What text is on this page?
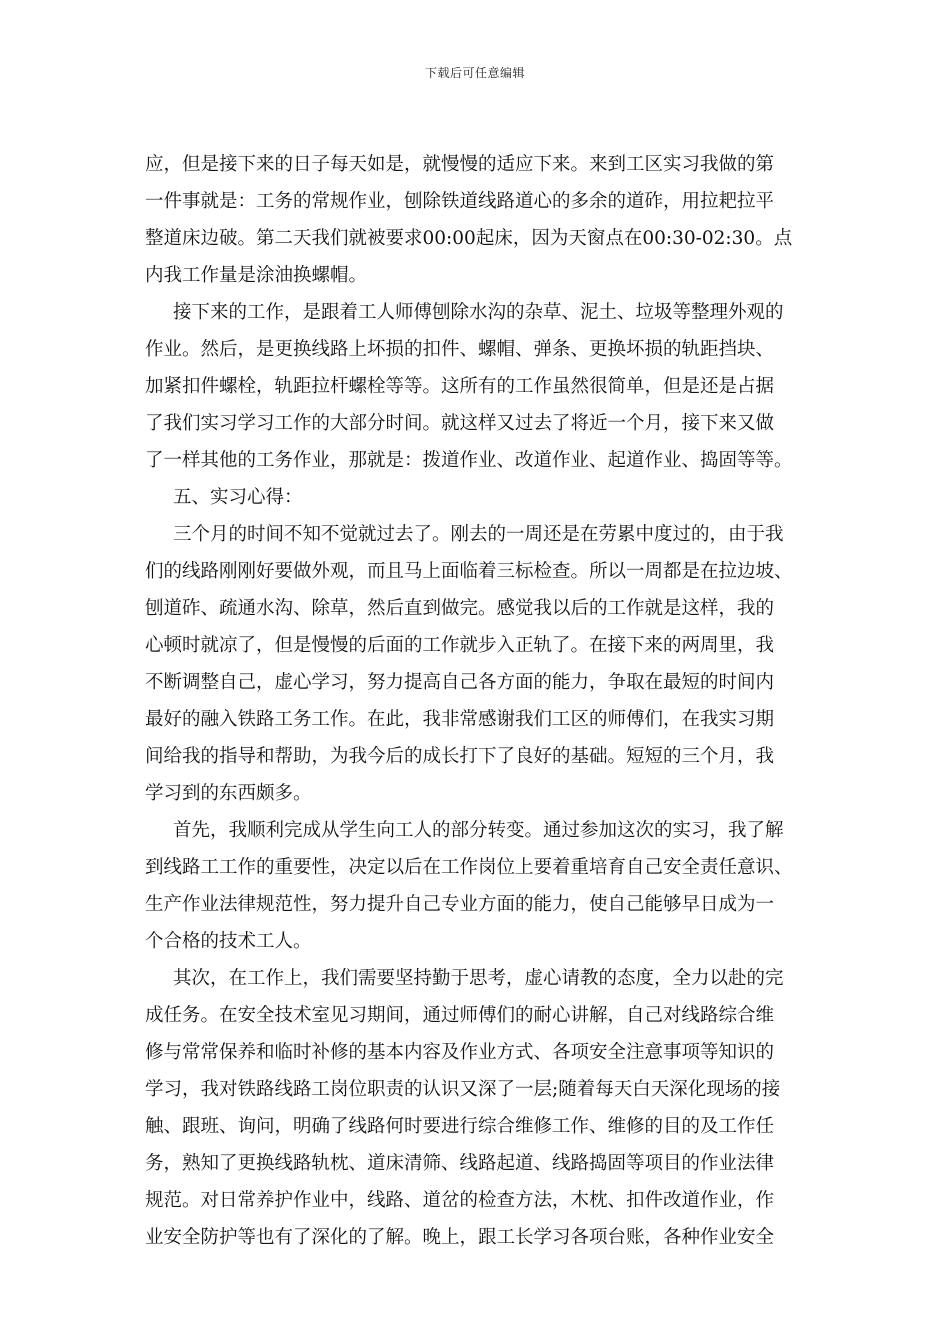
下载后可任意编辑
应，但是接下来的日子每天如是，就慢慢的适应下来。来到工区实习我做的第
一件事就是：工务的常规作业，刨除铁道线路道心的多余的道砟，用拉耙拉平
整道床边破。第二天我们就被要求00:00起床，因为天窗点在00:30-02:30。点
内我工作量是涂油换螺帽。
接下来的工作，是跟着工人师傅刨除水沟的杂草、泥土、垃圾等整理外观的
作业。然后，是更换线路上坏损的扣件、螺帽、弹条、更换坏损的轨距挡块、
加紧扣件螺栓，轨距拉杆螺栓等等。这所有的工作虽然很简单，但是还是占据
了我们实习学习工作的大部分时间。就这样又过去了将近一个月，接下来又做
了一样其他的工务作业，那就是：拨道作业、改道作业、起道作业、捣固等等。
五、实习心得：
三个月的时间不知不觉就过去了。刚去的一周还是在劳累中度过的，由于我
们的线路刚刚好要做外观，而且马上面临着三标检查。所以一周都是在拉边坡、
刨道砟、疏通水沟、除草，然后直到做完。感觉我以后的工作就是这样，我的
心顿时就凉了，但是慢慢的后面的工作就步入正轨了。在接下来的两周里，我
不断调整自己，虚心学习，努力提高自己各方面的能力，争取在最短的时间内
最好的融入铁路工务工作。在此，我非常感谢我们工区的师傅们，在我实习期
间给我的指导和帮助，为我今后的成长打下了良好的基础。短短的三个月，我
学习到的东西颇多。
首先，我顺利完成从学生向工人的部分转变。通过参加这次的实习，我了解
到线路工工作的重要性，决定以后在工作岗位上要着重培育自己安全责任意识、
生产作业法律规范性，努力提升自己专业方面的能力，使自己能够早日成为一
个合格的技术工人。
其次，在工作上，我们需要坚持勤于思考，虚心请教的态度，全力以赴的完
成任务。在安全技术室见习期间，通过师傅们的耐心讲解，自己对线路综合维
修与常常保养和临时补修的基本内容及作业方式、各项安全注意事项等知识的
学习，我对铁路线路工岗位职责的认识又深了一层;随着每天白天深化现场的接
触、跟班、询问，明确了线路何时要进行综合维修工作、维修的目的及工作任
务，熟知了更换线路轨枕、道床清筛、线路起道、线路捣固等项目的作业法律
规范。对日常养护作业中，线路、道岔的检查方法，木枕、扣件改道作业，作
业安全防护等也有了深化的了解。晚上，跟工长学习各项台账，各种作业安全
